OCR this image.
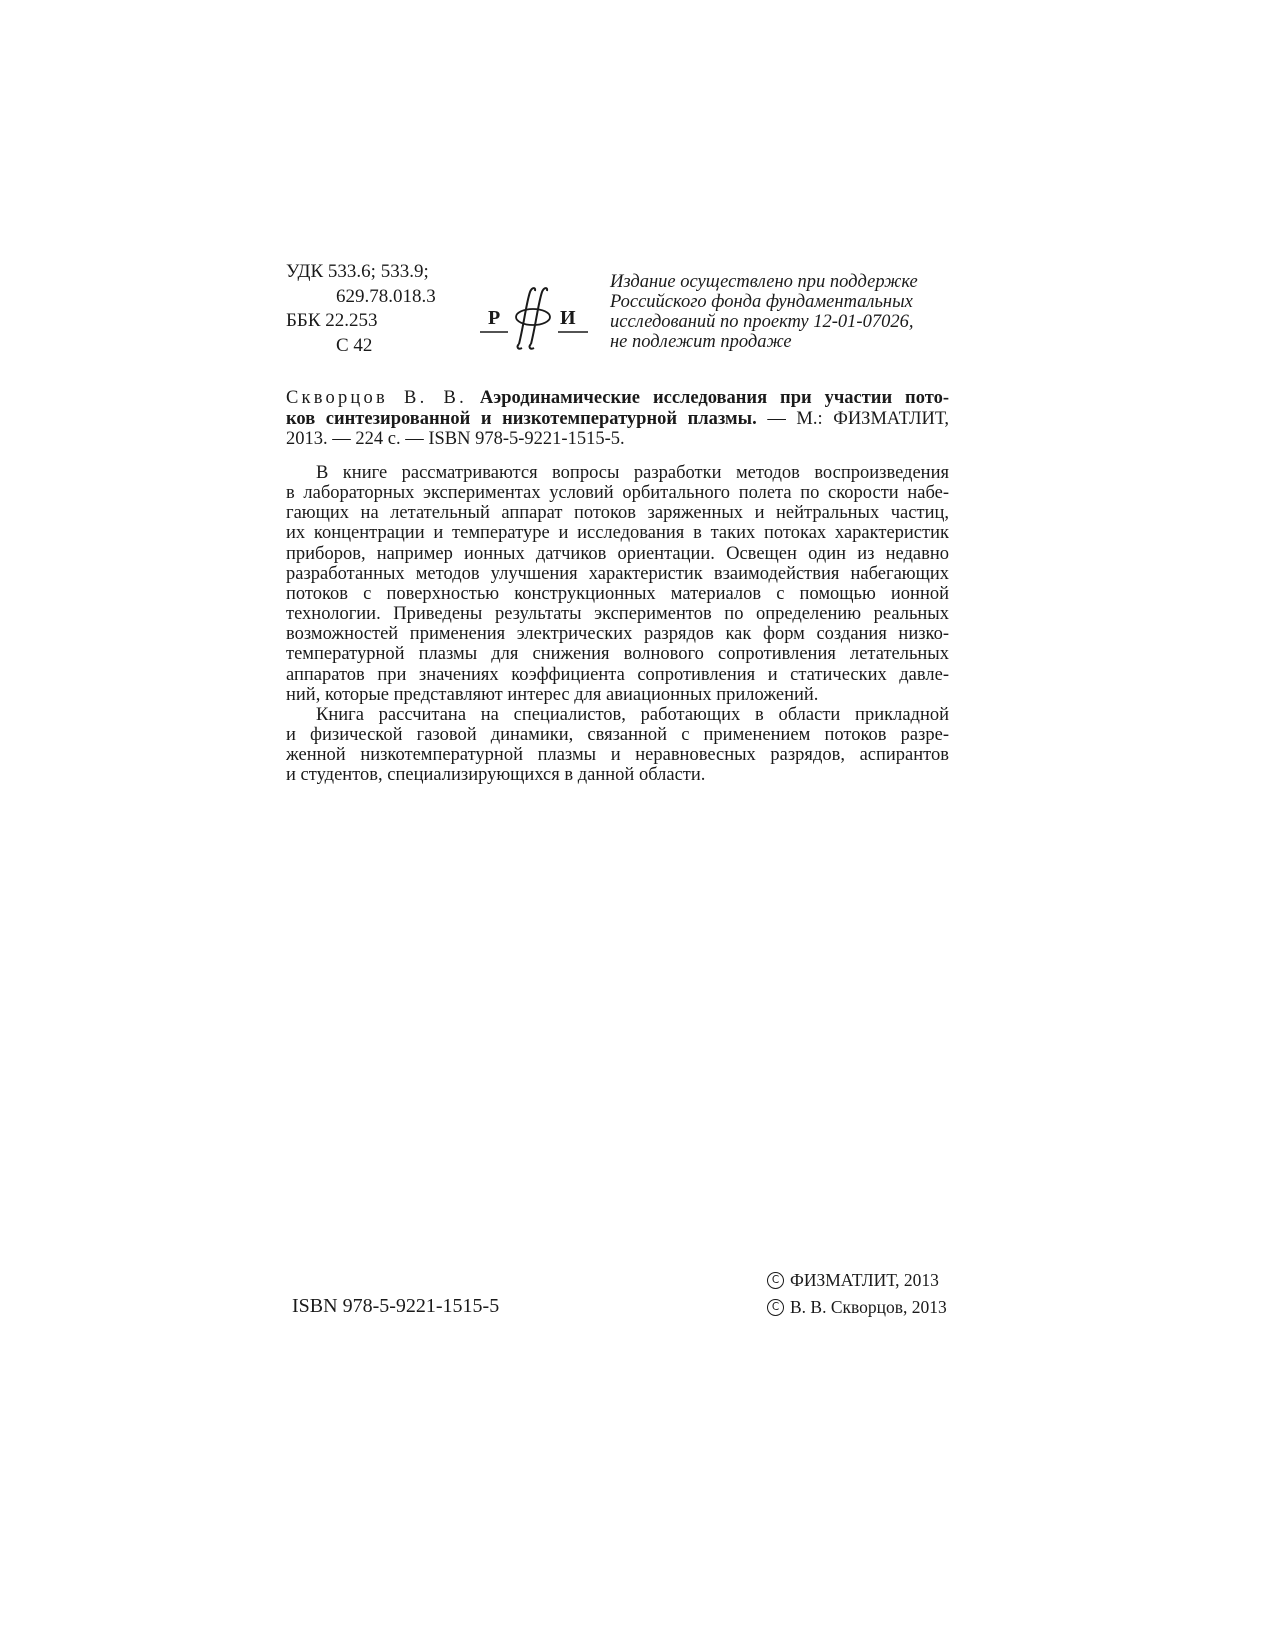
УДК 533.6; 533.9;
629.78.018.3
ББК 22.253
С 42
Р	И
Издание осуществлено при поддержке
Российского фонда фундаментальных
исследований по проекту 12-01-07026,
не подлежит продаже
Скворцов В. В. Аэродинамические исследования при участии пото-
ков синтезированной и низкотемпературной плазмы. — М.: ФИЗМАТЛИТ,
2013. — 224 с. — ISBN 978-5-9221-1515-5.
В книге рассматриваются вопросы разработки методов воспроизведения
в лабораторных экспериментах условий орбитального полета по скорости набе-
гающих на летательный аппарат потоков заряженных и нейтральных частиц,
их концентрации и температуре и исследования в таких потоках характеристик
приборов, например ионных датчиков ориентации. Освещен один из недавно
разработанных методов улучшения характеристик взаимодействия набегающих
потоков с поверхностью конструкционных материалов с помощью ионной
технологии. Приведены результаты экспериментов по определению реальных
возможностей применения электрических разрядов как форм создания низко-
температурной плазмы для снижения волнового сопротивления летательных
аппаратов при значениях коэффициента сопротивления и статических давле-
ний, которые представляют интерес для авиационных приложений.
Книга рассчитана на специалистов, работающих в области прикладной
и физической газовой динамики, связанной с применением потоков разре-
женной низкотемпературной плазмы и неравновесных разрядов, аспирантов
и студентов, специализирующихся в данной области.
ISBN 978-5-9221-1515-5
C ФИЗМАТЛИТ, 2013
C В. В. Скворцов, 2013
